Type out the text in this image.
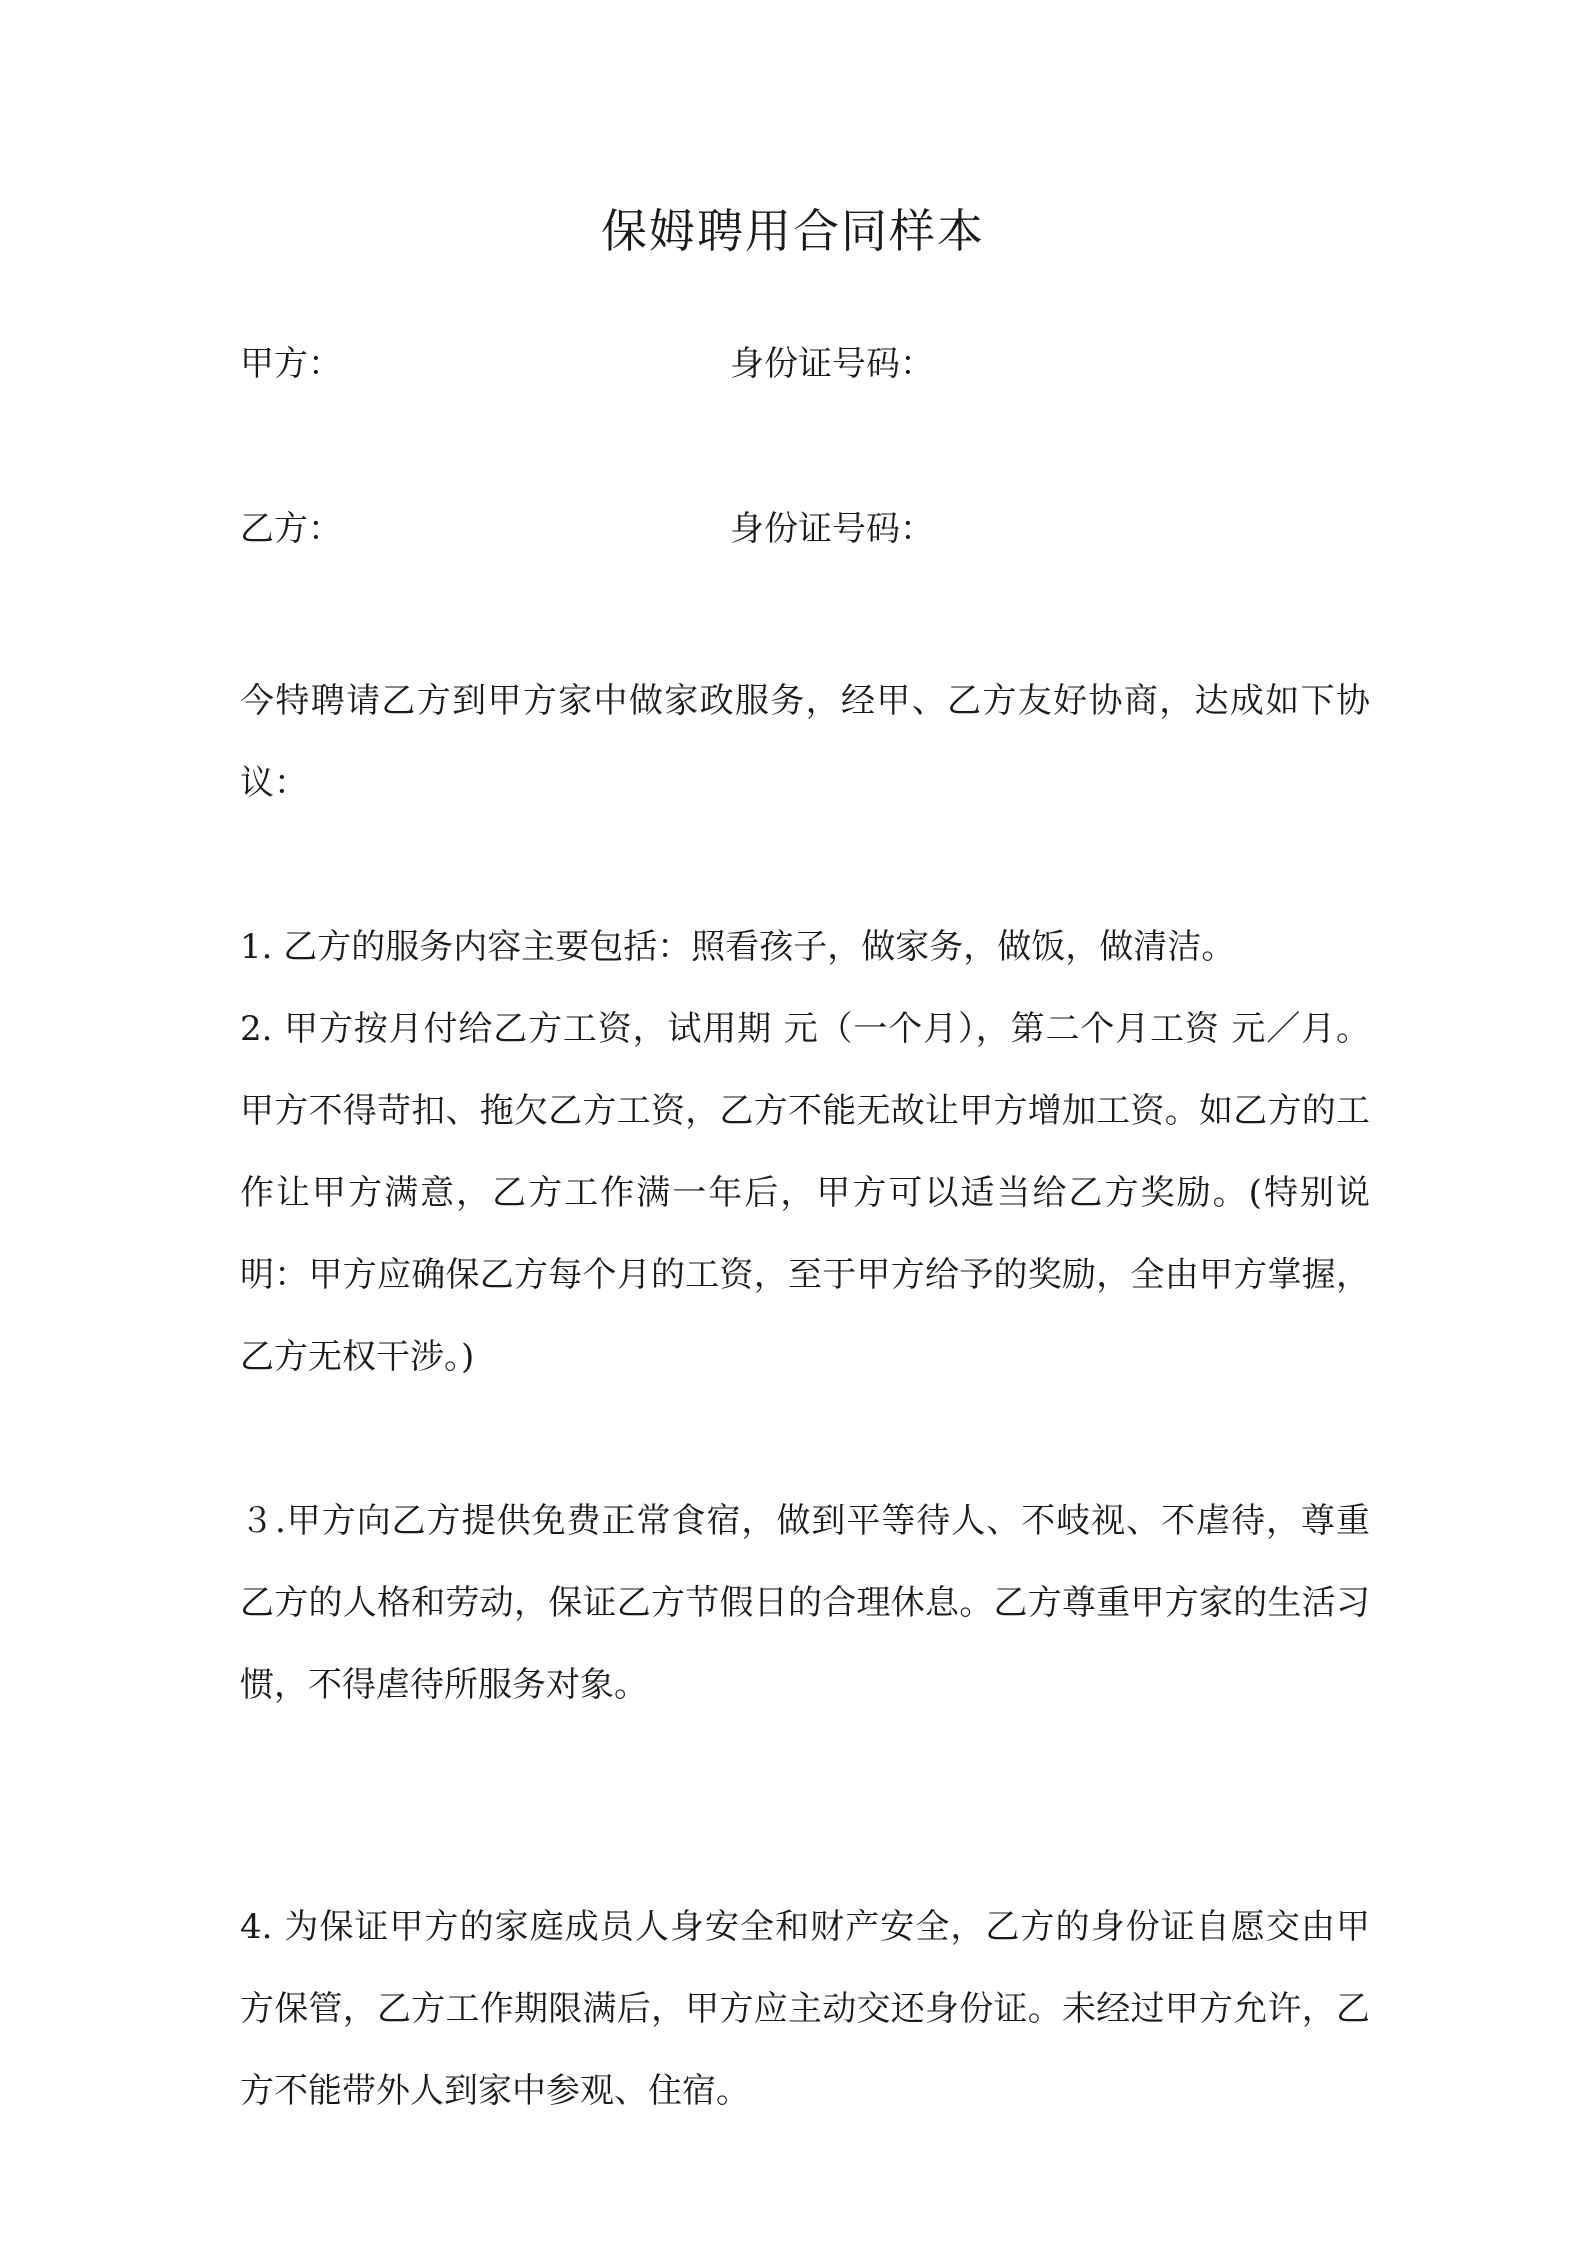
保姆聘用合同样本
甲方：	身份证号码：
乙方：	身份证号码：

今特聘请乙方到甲方家中做家政服务，经甲、乙方友好协商，达成如下协议：

1. 乙方的服务内容主要包括：照看孩子，做家务，做饭，做清洁。

2. 甲方按月付给乙方工资，试用期 元（一个月），第二个月工资 元／月。甲方不得苛扣、拖欠乙方工资，乙方不能无故让甲方增加工资。如乙方的工作让甲方满意，乙方工作满一年后，甲方可以适当给乙方奖励。(特别说明：甲方应确保乙方每个月的工资，至于甲方给予的奖励，全由甲方掌握，乙方无权干涉。)

３.甲方向乙方提供免费正常食宿，做到平等待人、不岐视、不虐待，尊重乙方的人格和劳动，保证乙方节假日的合理休息。乙方尊重甲方家的生活习惯，不得虐待所服务对象。

4. 为保证甲方的家庭成员人身安全和财产安全，乙方的身份证自愿交由甲方保管，乙方工作期限满后，甲方应主动交还身份证。未经过甲方允许，乙方不能带外人到家中参观、住宿。
